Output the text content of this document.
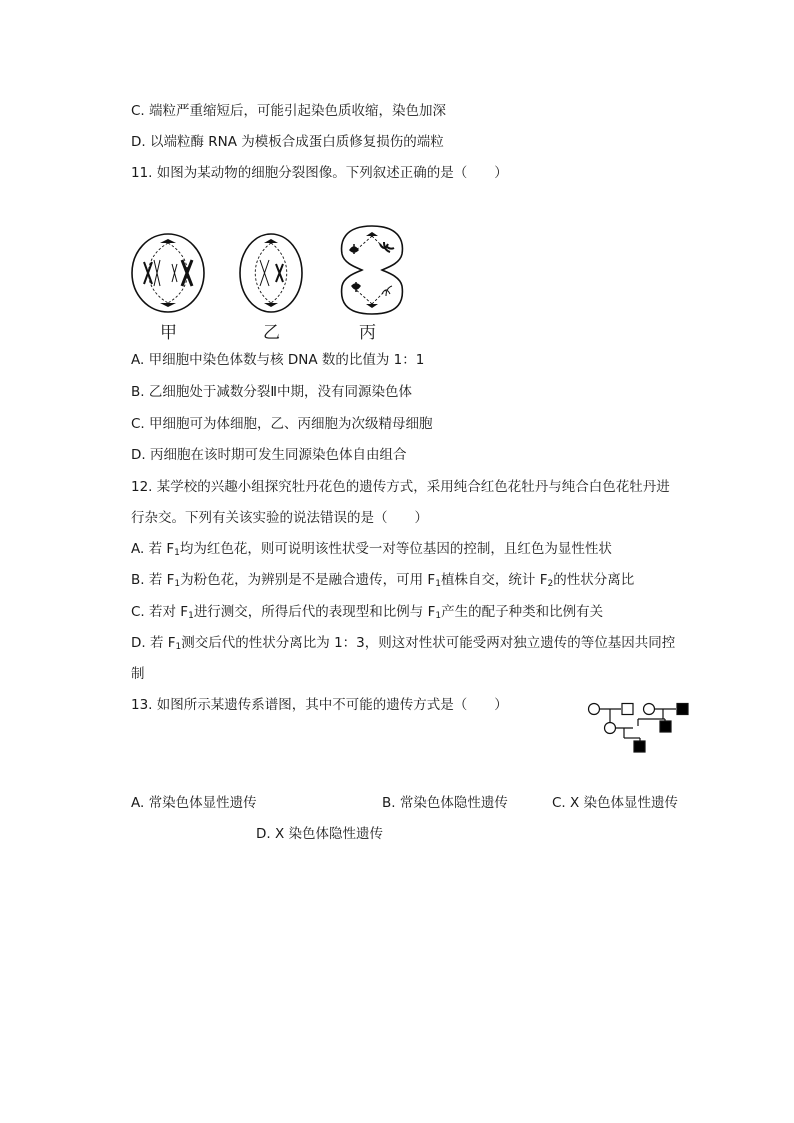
C. 端粒严重缩短后，可能引起染色质收缩，染色加深
D. 以端粒酶 RNA 为模板合成蛋白质修复损伤的端粒
11. 如图为某动物的细胞分裂图像。下列叙述正确的是（　　）
甲	乙	丙
A. 甲细胞中染色体数与核 DNA 数的比值为 1：1
B. 乙细胞处于减数分裂Ⅱ中期，没有同源染色体
C. 甲细胞可为体细胞，乙、丙细胞为次级精母细胞
D. 丙细胞在该时期可发生同源染色体自由组合
12. 某学校的兴趣小组探究牡丹花色的遗传方式，采用纯合红色花牡丹与纯合白色花牡丹进
行杂交。下列有关该实验的说法错误的是（　　）
A. 若 $F_1$均为红色花，则可说明该性状受一对等位基因的控制，且红色为显性性状
B. 若 $F_1$为粉色花，为辨别是不是融合遗传，可用 $F_1$植株自交，统计 $F_2$的性状分离比
C. 若对 $F_1$进行测交，所得后代的表现型和比例与 $F_1$产生的配子种类和比例有关
D. 若 $F_1$测交后代的性状分离比为 1：3，则这对性状可能受两对独立遗传的等位基因共同控
制
13. 如图所示某遗传系谱图，其中不可能的遗传方式是（　　）
A. 常染色体显性遗传	B. 常染色体隐性遗传	C. X 染色体显性遗传
D. X 染色体隐性遗传
